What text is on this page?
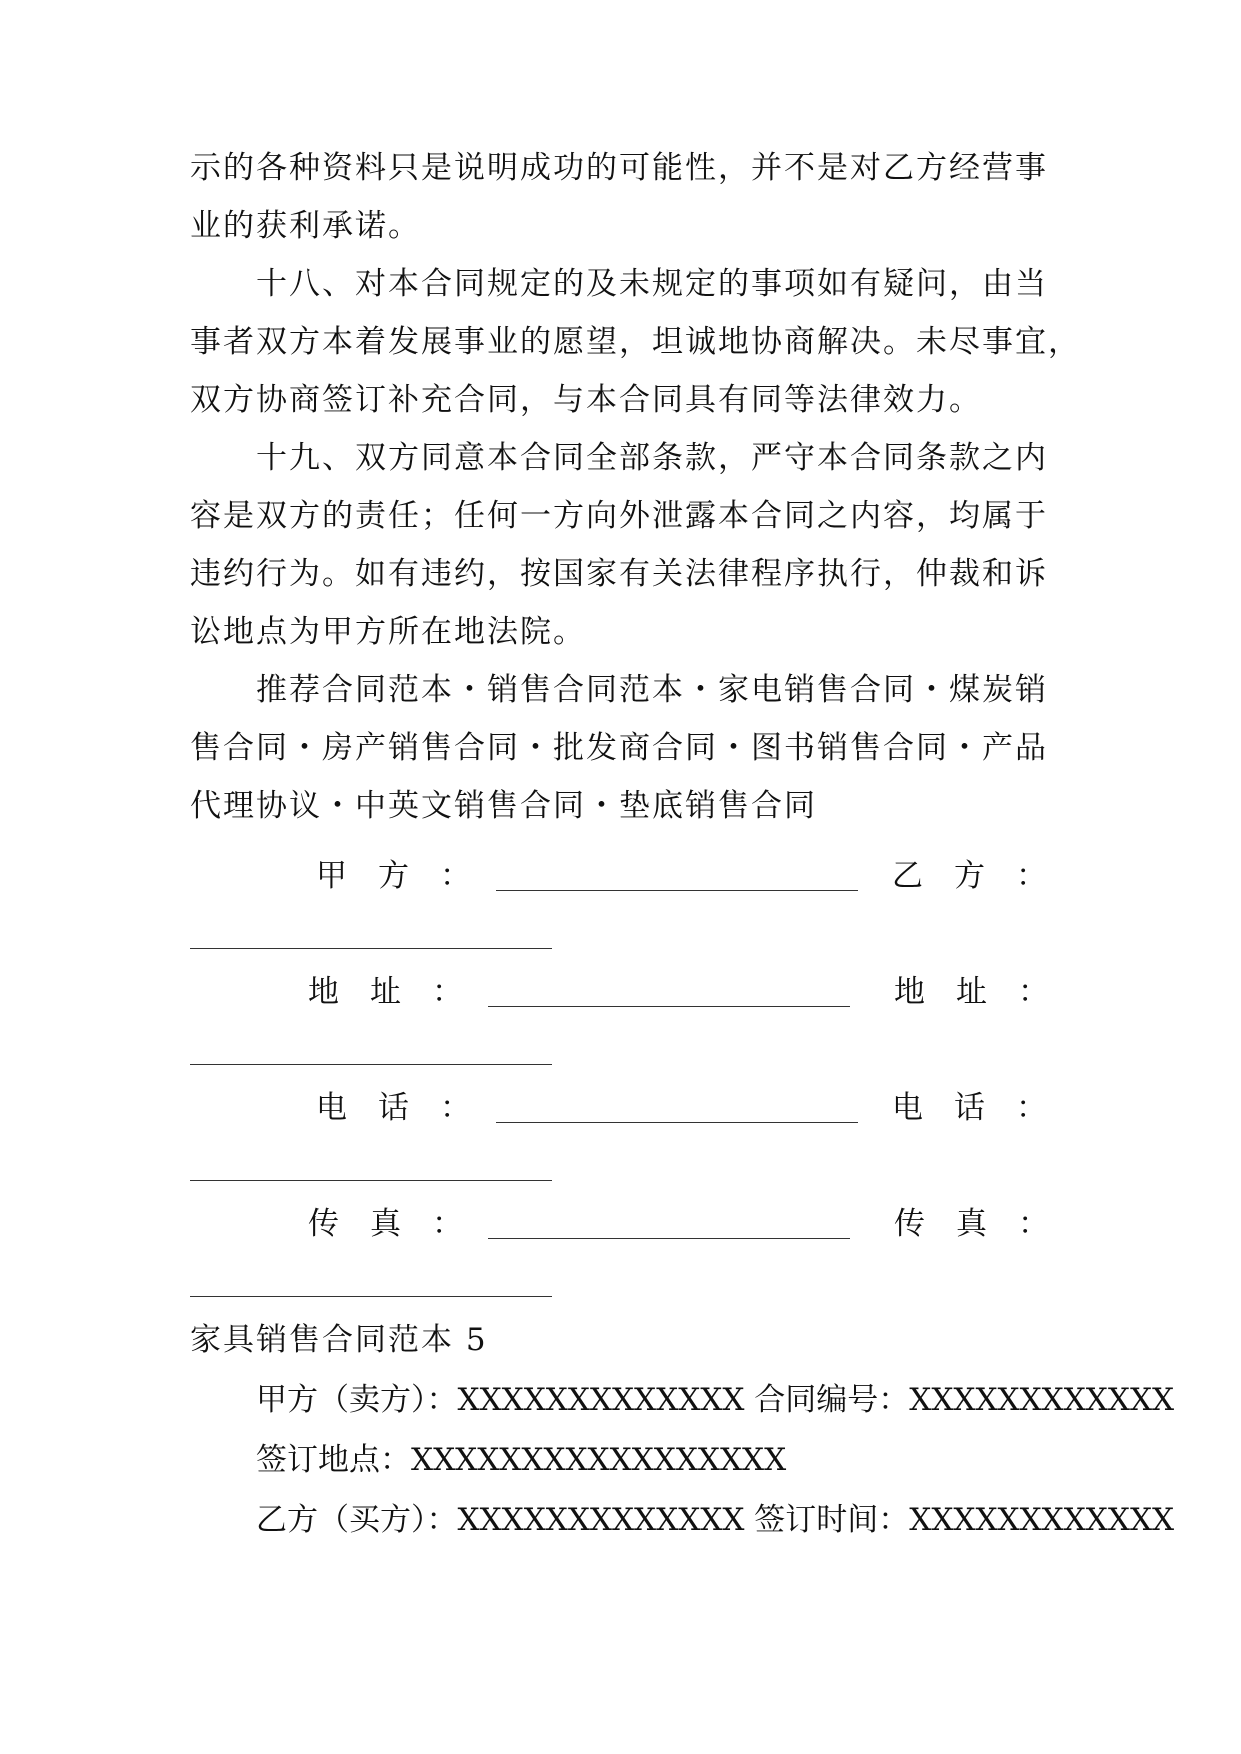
示的各种资料只是说明成功的可能性，并不是对乙方经营事
业的获利承诺。
十八、对本合同规定的及未规定的事项如有疑问，由当
事者双方本着发展事业的愿望，坦诚地协商解决。未尽事宜，
双方协商签订补充合同，与本合同具有同等法律效力。
十九、双方同意本合同全部条款，严守本合同条款之内
容是双方的责任；任何一方向外泄露本合同之内容，均属于
违约行为。如有违约，按国家有关法律程序执行，仲裁和诉
讼地点为甲方所在地法院。
推荐合同范本・销售合同范本・家电销售合同・煤炭销
售合同・房产销售合同・批发商合同・图书销售合同・产品
代理协议・中英文销售合同・垫底销售合同
甲　方　：	乙　方　：
地　址　：	地　址　：
电　话　：	电　话　：
传　真　：	传　真　：
家具销售合同范本 5
甲方（卖方）：XXXXXXXXXXXXX 合同编号：XXXXXXXXXXXX
签订地点：XXXXXXXXXXXXXXXXX
乙方（买方）：XXXXXXXXXXXXX 签订时间：XXXXXXXXXXXX
